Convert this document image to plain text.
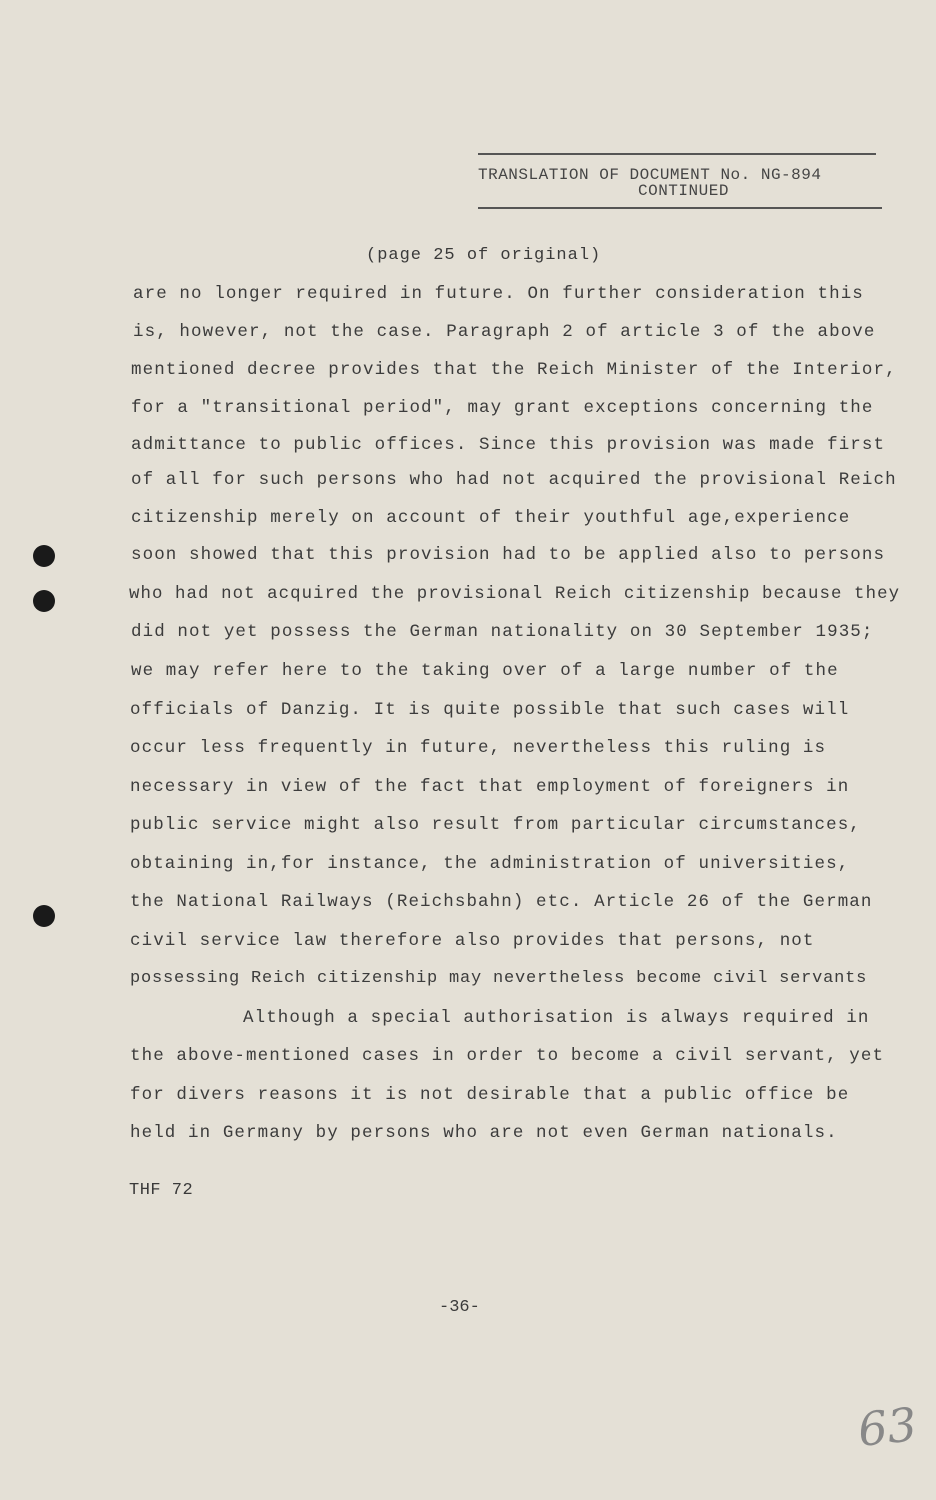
TRANSLATION OF DOCUMENT No. NG-894
CONTINUED
(page 25 of original)
are no longer required in future. On further consideration this
is, however, not the case. Paragraph 2 of article 3 of the above
mentioned decree provides that the Reich Minister of the Interior,
for a "transitional period", may grant exceptions concerning the
admittance to public offices. Since this provision was made first
of all for such persons who had not acquired the provisional Reich
citizenship merely on account of their youthful age,experience
soon showed that this provision had to be applied also to persons
who had not acquired the provisional Reich citizenship because they
did not yet possess the German nationality on 30 September 1935;
we may refer here to the taking over of a large number of the
officials of Danzig. It is quite possible that such cases will
occur less frequently in future, nevertheless this ruling is
necessary in view of the fact that employment of foreigners in
public service might also result from particular circumstances,
obtaining in,for instance, the administration of universities,
the National Railways (Reichsbahn) etc. Article 26 of the German
civil service law therefore also provides that persons, not
possessing Reich citizenship may nevertheless become civil servants
Although a special authorisation is always required in
the above-mentioned cases in order to become a civil servant, yet
for divers reasons it is not desirable that a public office be
held in Germany by persons who are not even German nationals.
THF 72
-36-
63
